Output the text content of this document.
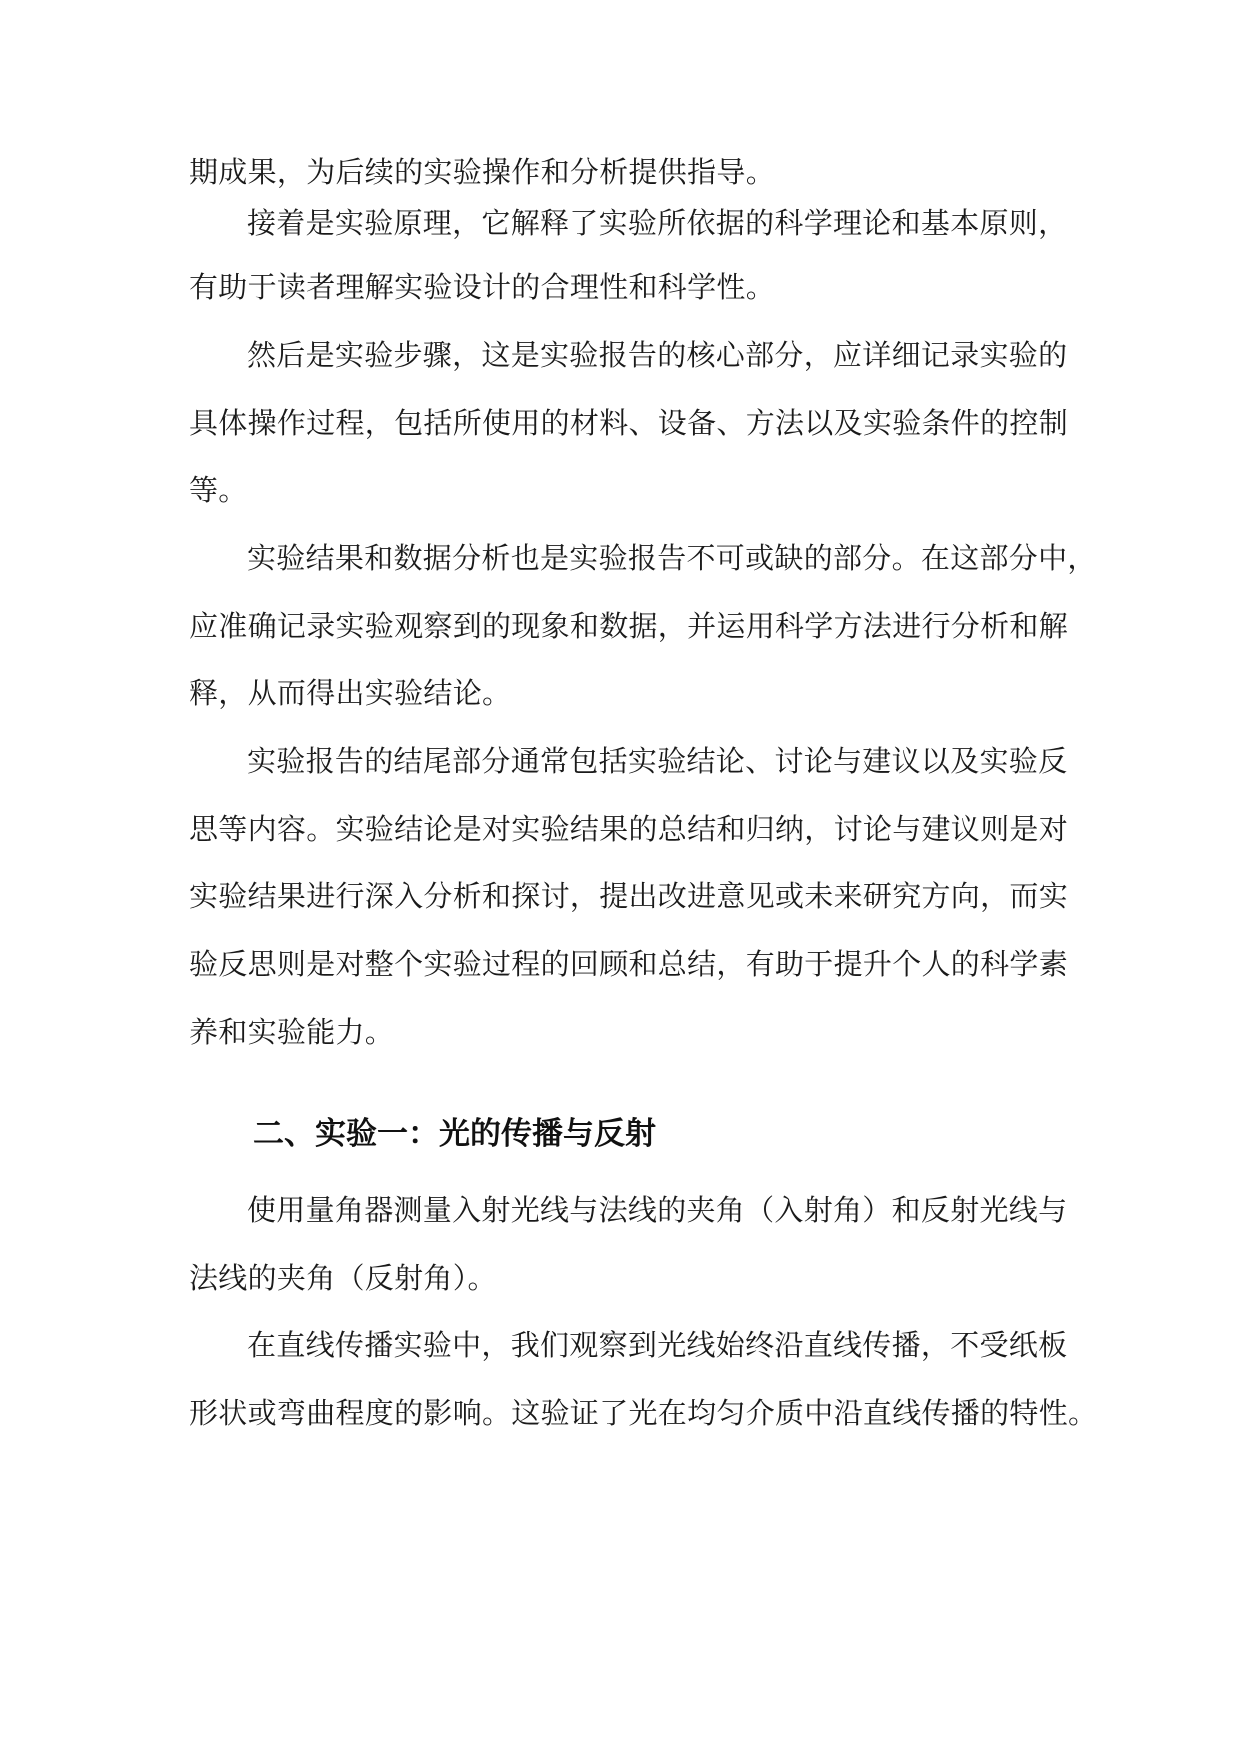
期成果，为后续的实验操作和分析提供指导。
接着是实验原理，它解释了实验所依据的科学理论和基本原则，
有助于读者理解实验设计的合理性和科学性。
然后是实验步骤，这是实验报告的核心部分，应详细记录实验的
具体操作过程，包括所使用的材料、设备、方法以及实验条件的控制
等。
实验结果和数据分析也是实验报告不可或缺的部分。在这部分中，
应准确记录实验观察到的现象和数据，并运用科学方法进行分析和解
释，从而得出实验结论。
实验报告的结尾部分通常包括实验结论、讨论与建议以及实验反
思等内容。实验结论是对实验结果的总结和归纳，讨论与建议则是对
实验结果进行深入分析和探讨，提出改进意见或未来研究方向，而实
验反思则是对整个实验过程的回顾和总结，有助于提升个人的科学素
养和实验能力。
二、实验一：光的传播与反射
使用量角器测量入射光线与法线的夹角（入射角）和反射光线与
法线的夹角（反射角）。
在直线传播实验中，我们观察到光线始终沿直线传播，不受纸板
形状或弯曲程度的影响。这验证了光在均匀介质中沿直线传播的特性。
